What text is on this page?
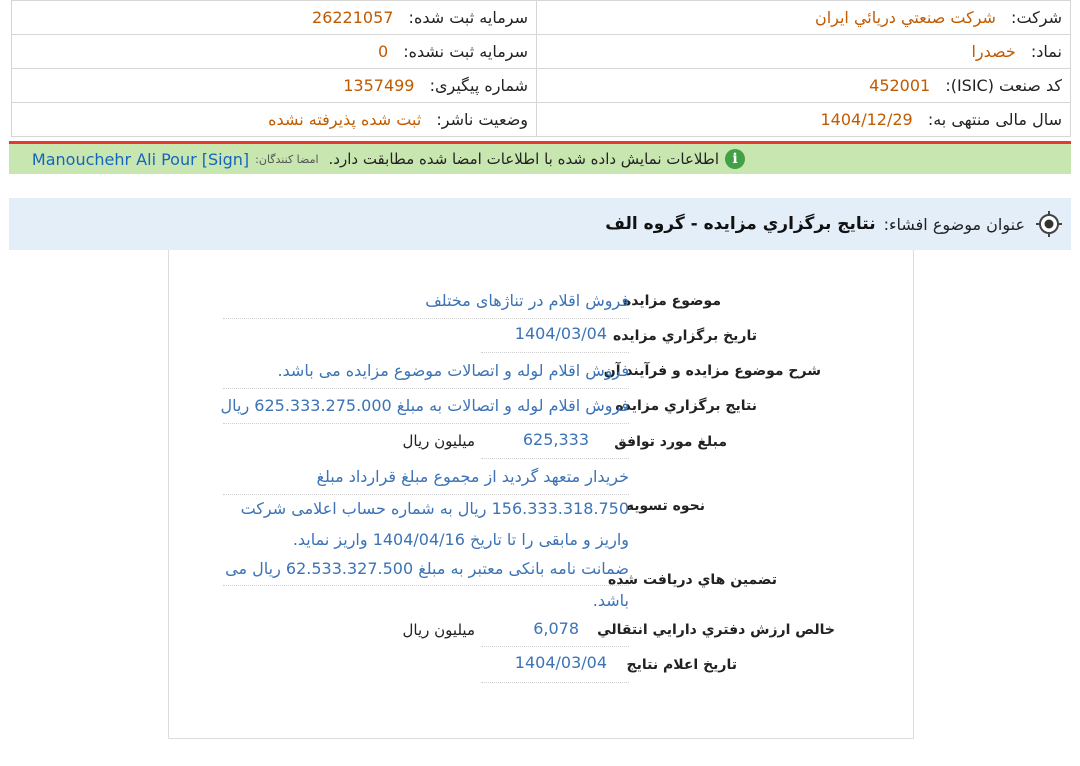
شرکت: شرکت صنعتي دريائي ايران	سرمایه ثبت شده: 26221057
نماد: خصدرا	سرمایه ثبت نشده: 0
کد صنعت (ISIC): 452001	شماره پیگیری: 1357499
سال مالی منتهی به: 1404/12/29	وضعیت ناشر: ثبت شده پذیرفته نشده
i
اطلاعات نمایش داده شده با اطلاعات امضا شده مطابقت دارد.
امضا کنندگان:
Manouchehr Ali Pour [Sign]
عنوان موضوع افشاء:
نتايج برگزاري مزايده - گروه الف
موضوع مزایده
فروش اقلام در تناژهای مختلف
تاريخ برگزاري مزايده
1404/03/04
شرح موضوع مزایده و فرآیند آن
فروش اقلام لوله و اتصالات موضوع مزایده می باشد.
نتايج برگزاري مزايده
فروش اقلام لوله و اتصالات به مبلغ 625.333.275.000 ریال
مبلغ مورد توافق
625,333
ميليون ريال
نحوه تسويه
خریدار متعهد گردید از مجموع مبلغ قرارداد مبلغ
156.333.318.750 ریال به شماره حساب اعلامی شرکت
واریز و مابقی را تا تاریخ 1404/04/16 واریز نماید.
تضمين هاي دريافت شده
ضمانت نامه بانکی معتبر به مبلغ 62.533.327.500 ریال می
باشد.
خالص ارزش دفتري دارايي انتقالي
6,078
ميليون ريال
تاريخ اعلام نتايج
1404/03/04
